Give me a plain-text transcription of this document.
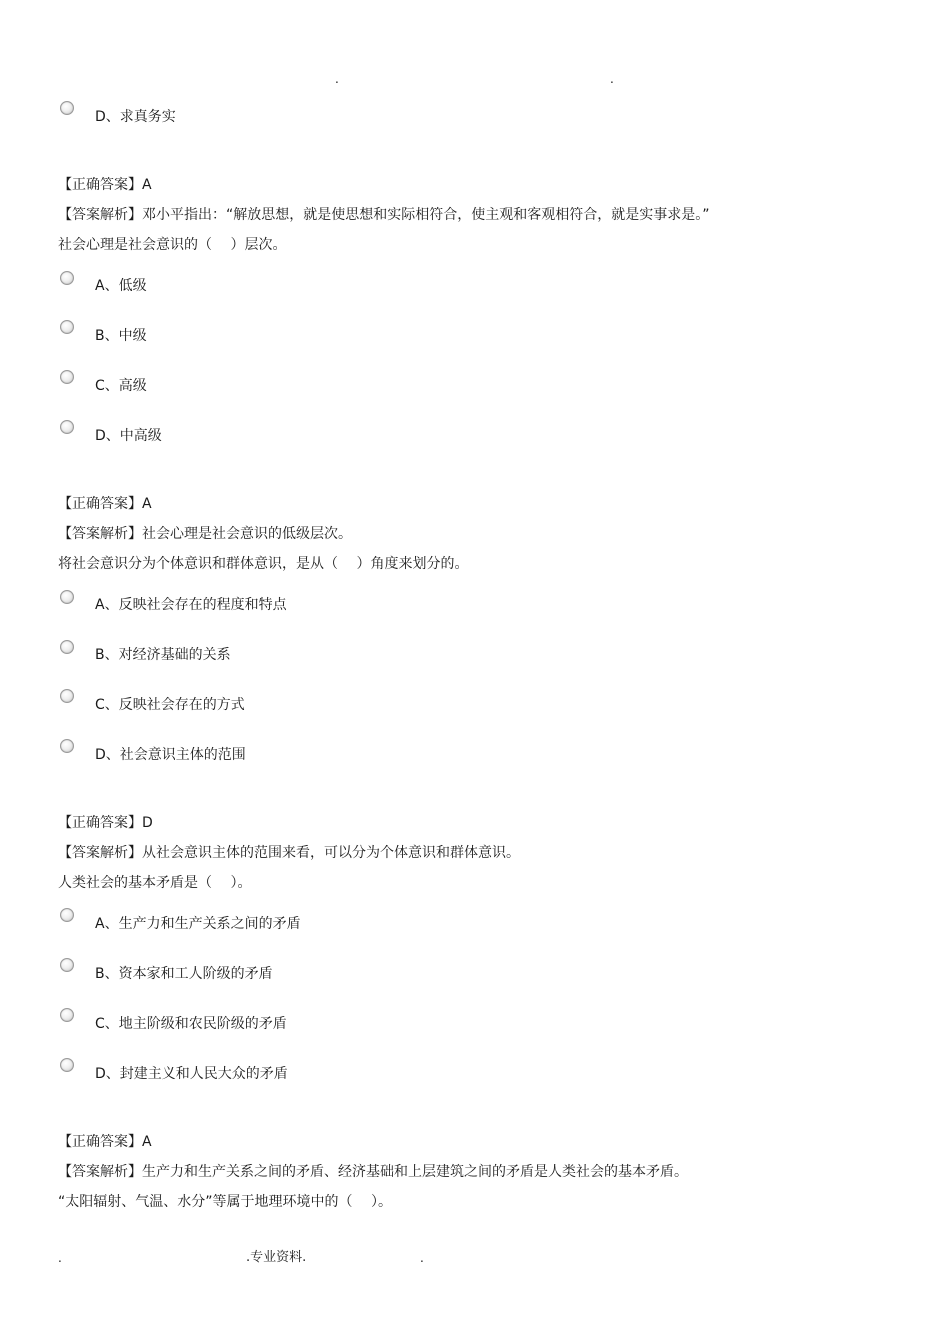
.	.
D、求真务实
【正确答案】A
【答案解析】邓小平指出：“解放思想，就是使思想和实际相符合，使主观和客观相符合，就是实事求是。”
社会心理是社会意识的（　 ）层次。
A、低级
B、中级
C、高级
D、中高级
【正确答案】A
【答案解析】社会心理是社会意识的低级层次。
将社会意识分为个体意识和群体意识，是从（　 ）角度来划分的。
A、反映社会存在的程度和特点
B、对经济基础的关系
C、反映社会存在的方式
D、社会意识主体的范围
【正确答案】D
【答案解析】从社会意识主体的范围来看，可以分为个体意识和群体意识。
人类社会的基本矛盾是（　 ）。
A、生产力和生产关系之间的矛盾
B、资本家和工人阶级的矛盾
C、地主阶级和农民阶级的矛盾
D、封建主义和人民大众的矛盾
【正确答案】A
【答案解析】生产力和生产关系之间的矛盾、经济基础和上层建筑之间的矛盾是人类社会的基本矛盾。
“太阳辐射、气温、水分”等属于地理环境中的（　 ）。
.	.专业资料.	.
